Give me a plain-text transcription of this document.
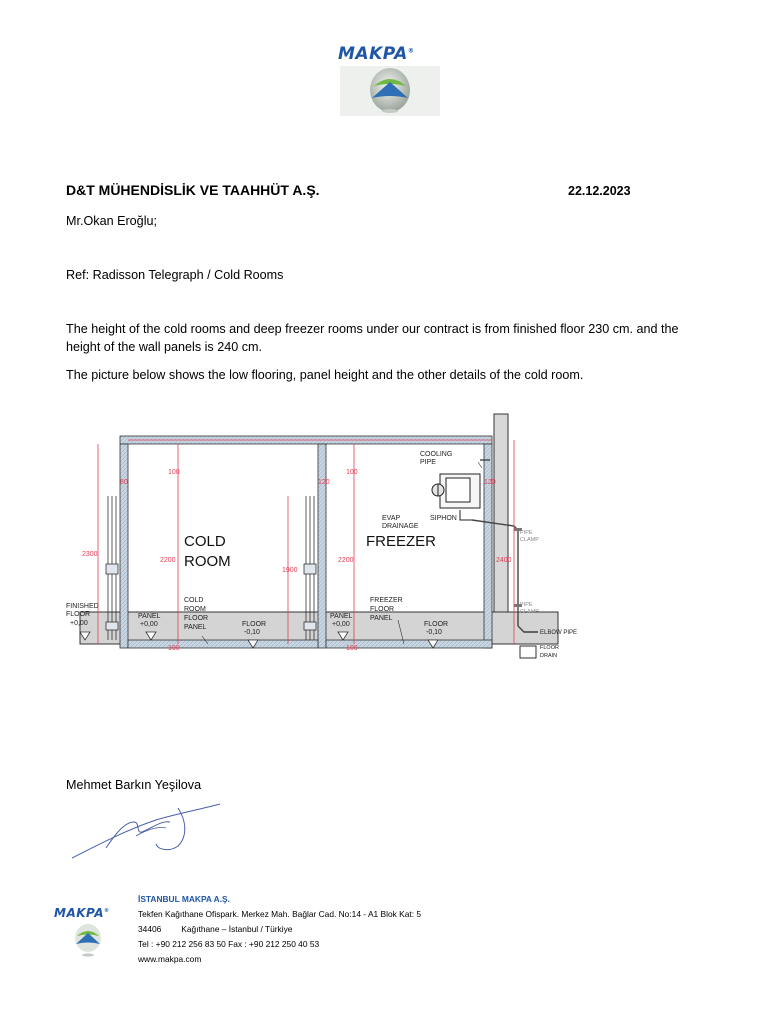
MAKPA®
D&T MÜHENDİSLİK VE TAAHHÜT A.Ş.	22.12.2023
Mr.Okan Eroğlu;
Ref: Radisson Telegraph / Cold Rooms
The height of the cold rooms and deep freezer rooms under our contract is from finished floor 230 cm. and the
height of the wall panels is 240 cm.
The picture below shows the low flooring, panel height and the other details of the cold room.
2300
2200
1900
2200	2400
100	100
100	100
80	120	120
COLD
ROOM
FREEZER
COOLING
PIPE
EVAP
DRAINAGE
SIPHON
ELBOW PIPE
FINISHED
FLOOR
+0,00
PANEL
+0,00
PANEL
+0,00
COLD
ROOM
FLOOR
PANEL	FLOOR
-0,10
FREEZER
FLOOR
PANEL
FLOOR
-0,10
PIPE
CLAMP
PIPE
CLAMP
FLOOR
DRAIN
Mehmet Barkın Yeşilova
MAKPA®
İSTANBUL MAKPA A.Ş.
Tekfen Kağıthane Ofispark. Merkez Mah. Bağlar Cad. No:14 - A1 Blok Kat: 5
34406 Kağıthane – İstanbul / Türkiye
Tel : +90 212 256 83 50 Fax : +90 212 250 40 53
www.makpa.com
